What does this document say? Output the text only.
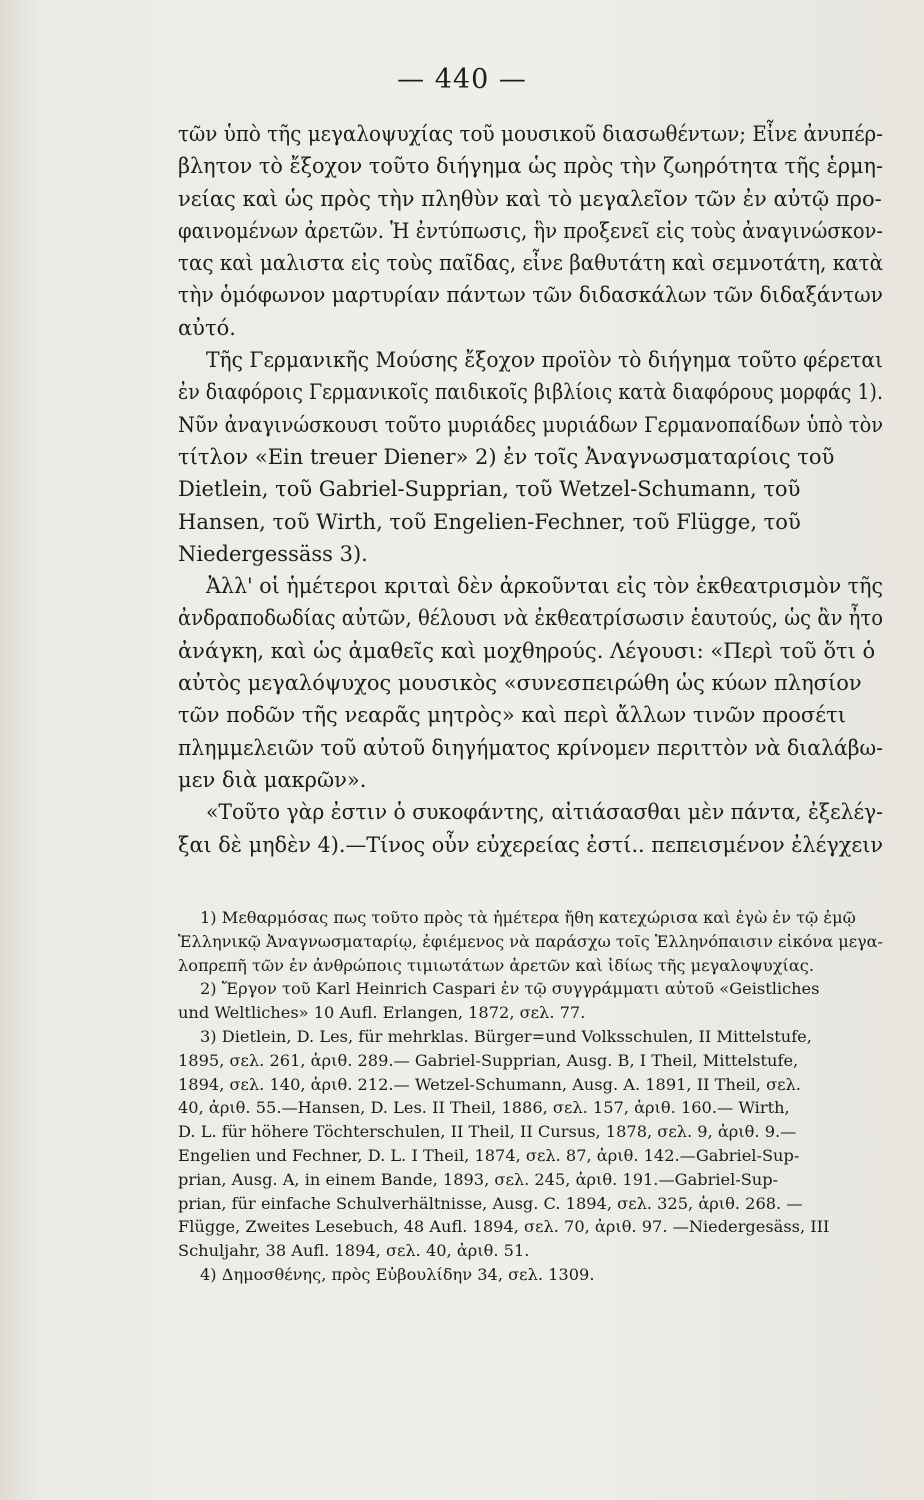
— 440 —
τῶν ὑπὸ τῆς μεγαλοψυχίας τοῦ μουσικοῦ διασωθέντων; Εἶνε ἀνυπέρ-
βλητον τὸ ἔξοχον τοῦτο διήγημα ὡς πρὸς τὴν ζωηρότητα τῆς ἑρμη-
νείας καὶ ὡς πρὸς τὴν πληθὺν καὶ τὸ μεγαλεῖον τῶν ἐν αὐτῷ προ-
φαινομένων ἀρετῶν. Ἡ ἐντύπωσις, ἣν προξενεῖ εἰς τοὺς ἀναγινώσκον-
τας καὶ μαλιστα εἰς τοὺς παῖδας, εἶνε βαθυτάτη καὶ σεμνοτάτη, κατὰ
τὴν ὁμόφωνον μαρτυρίαν πάντων τῶν διδασκάλων τῶν διδαξάντων
αὐτό.
Τῆς Γερμανικῆς Μούσης ἔξοχον προϊὸν τὸ διήγημα τοῦτο φέρεται
ἐν διαφόροις Γερμανικοῖς παιδικοῖς βιβλίοις κατὰ διαφόρους μορφάς 1).
Νῦν ἀναγινώσκουσι τοῦτο μυριάδες μυριάδων Γερμανοπαίδων ὑπὸ τὸν
τίτλον «Ein treuer Diener» 2) ἐν τοῖς Ἀναγνωσματαρίοις τοῦ
Dietlein, τοῦ Gabriel-Supprian, τοῦ Wetzel-Schumann, τοῦ
Hansen, τοῦ Wirth, τοῦ Engelien-Fechner, τοῦ Flügge, τοῦ
Niedergessäss 3).
Ἀλλ' οἱ ἡμέτεροι κριταὶ δὲν ἀρκοῦνται εἰς τὸν ἐκθεατρισμὸν τῆς
ἀνδραποδωδίας αὐτῶν, θέλουσι νὰ ἐκθεατρίσωσιν ἑαυτούς, ὡς ἂν ἦτο
ἀνάγκη, καὶ ὡς ἀμαθεῖς καὶ μοχθηρούς. Λέγουσι: «Περὶ τοῦ ὅτι ὁ
αὐτὸς μεγαλόψυχος μουσικὸς «συνεσπειρώθη ὡς κύων πλησίον
τῶν ποδῶν τῆς νεαρᾶς μητρὸς» καὶ περὶ ἄλλων τινῶν προσέτι
πλημμελειῶν τοῦ αὐτοῦ διηγήματος κρίνομεν περιττὸν νὰ διαλάβω-
μεν διὰ μακρῶν».
«Τοῦτο γὰρ ἐστιν ὁ συκοφάντης, αἰτιάσασθαι μὲν πάντα, ἐξελέγ-
ξαι δὲ μηδὲν 4).—Τίνος οὖν εὐχερείας ἐστί.. πεπεισμένον ἐλέγχειν
1) Μεθαρμόσας πως τοῦτο πρὸς τὰ ἡμέτερα ἤθη κατεχώρισα καὶ ἐγὼ ἐν τῷ ἐμῷ
Ἑλληνικῷ Ἀναγνωσματαρίῳ, ἐφιέμενος νὰ παράσχω τοῖς Ἑλληνόπαισιν εἰκόνα μεγα-
λοπρεπῆ τῶν ἐν ἀνθρώποις τιμιωτάτων ἀρετῶν καὶ ἰδίως τῆς μεγαλοψυχίας.
2) Ἔργον τοῦ Karl Heinrich Caspari ἐν τῷ συγγράμματι αὐτοῦ «Geistliches
und Weltliches» 10 Aufl. Erlangen, 1872, σελ. 77.
3) Dietlein, D. Les, für mehrklas. Bürger=und Volksschulen, II Mittelstufe,
1895, σελ. 261, ἀριθ. 289.— Gabriel-Supprian, Ausg. B, I Theil, Mittelstufe,
1894, σελ. 140, ἀριθ. 212.— Wetzel-Schumann, Ausg. A. 1891, II Theil, σελ.
40, ἀριθ. 55.—Hansen, D. Les. II Theil, 1886, σελ. 157, ἀριθ. 160.— Wirth,
D. L. für höhere Töchterschulen, II Theil, II Cursus, 1878, σελ. 9, ἀριθ. 9.—
Engelien und Fechner, D. L. I Theil, 1874, σελ. 87, ἀριθ. 142.—Gabriel-Sup-
prian, Ausg. A, in einem Bande, 1893, σελ. 245, ἀριθ. 191.—Gabriel-Sup-
prian, für einfache Schulverhältnisse, Ausg. C. 1894, σελ. 325, ἀριθ. 268. —
Flügge, Zweites Lesebuch, 48 Aufl. 1894, σελ. 70, ἀριθ. 97. —Niedergesäss, III
Schuljahr, 38 Aufl. 1894, σελ. 40, ἀριθ. 51.
4) Δημοσθένης, πρὸς Εὐβουλίδην 34, σελ. 1309.
